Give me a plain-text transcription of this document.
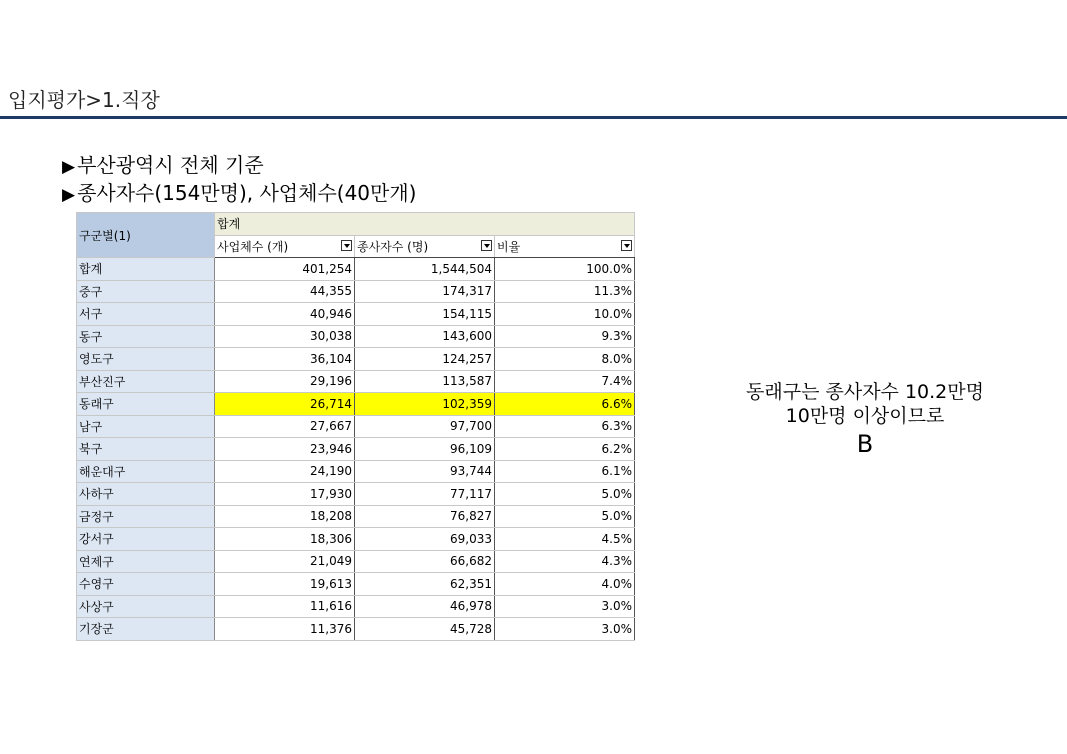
입지평가>1.직장
▶ 부산광역시 전체 기준
▶ 종사자수(154만명), 사업체수(40만개)
구군별(1)	합계		
	사업체수 (개)	종사자수 (명)	비율

합계	401,254	1,544,504	100.0%
중구	44,355	174,317	11.3%
서구	40,946	154,115	10.0%
동구	30,038	143,600	9.3%
영도구	36,104	124,257	8.0%
부산진구	29,196	113,587	7.4%
동래구	26,714	102,359	6.6%
남구	27,667	97,700	6.3%
북구	23,946	96,109	6.2%
해운대구	24,190	93,744	6.1%
사하구	17,930	77,117	5.0%
금정구	18,208	76,827	5.0%
강서구	18,306	69,033	4.5%
연제구	21,049	66,682	4.3%
수영구	19,613	62,351	4.0%
사상구	11,616	46,978	3.0%
기장군	11,376	45,728	3.0%
동래구는 종사자수 10.2만명
10만명 이상이므로
B
